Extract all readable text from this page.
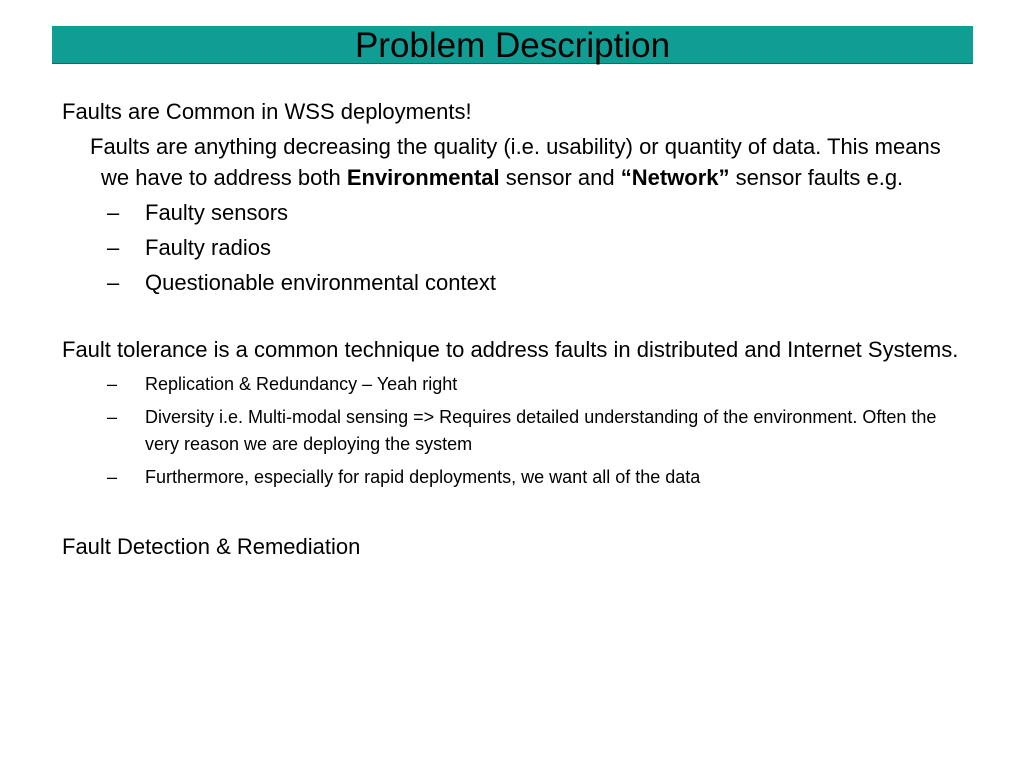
Problem Description

Faults are Common in WSS deployments!

Faults are anything decreasing the quality (i.e. usability) or quantity of data. This means we have to address both Environmental sensor and “Network” sensor faults e.g.

– Faulty sensors

– Faulty radios

– Questionable environmental context

Fault tolerance is a common technique to address faults in distributed and Internet Systems.

– Replication & Redundancy – Yeah right

– Diversity i.e. Multi-modal sensing => Requires detailed understanding of the environment. Often the very reason we are deploying the system

– Furthermore, especially for rapid deployments, we want all of the data

Fault Detection & Remediation
